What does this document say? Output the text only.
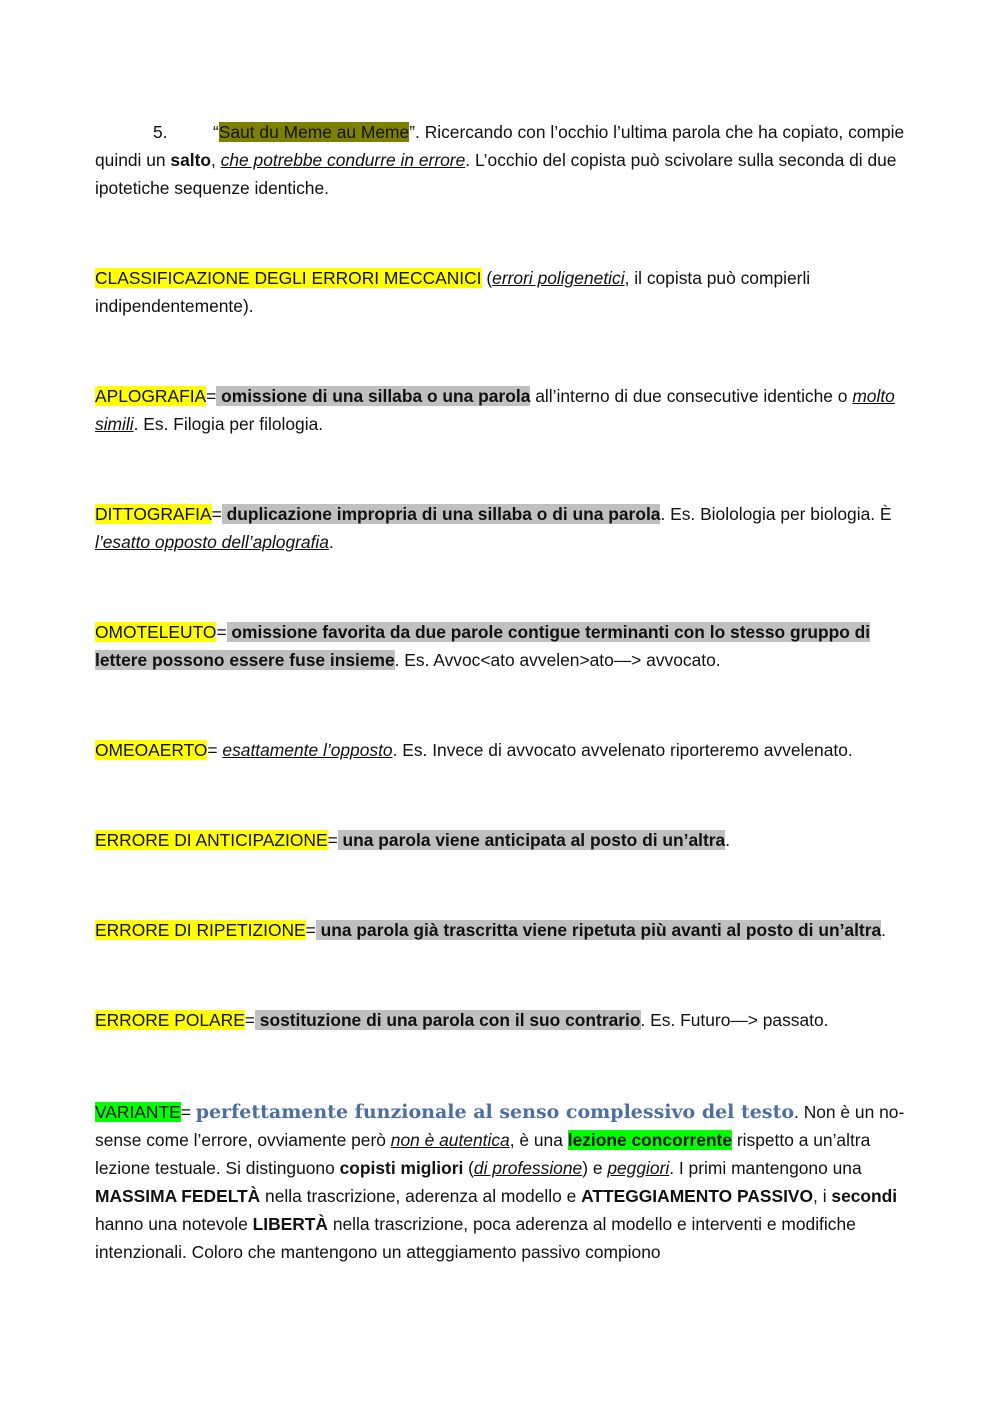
5.	“Saut du Meme au Meme”. Ricercando con l’occhio l’ultima parola che ha copiato, compie quindi un salto, che potrebbe condurre in errore. L’occhio del copista può scivolare sulla seconda di due ipotetiche sequenze identiche.

CLASSIFICAZIONE DEGLI ERRORI MECCANICI (errori poligenetici, il copista può compierli indipendentemente).

APLOGRAFIA= omissione di una sillaba o una parola all’interno di due consecutive identiche o molto simili. Es. Filogia per filologia.

DITTOGRAFIA= duplicazione impropria di una sillaba o di una parola. Es. Biolologia per biologia. È l’esatto opposto dell’aplografia.

OMOTELEUTO= omissione favorita da due parole contigue terminanti con lo stesso gruppo di lettere possono essere fuse insieme. Es. Avvoc<ato avvelen>ato—> avvocato.

OMEOAERTO= esattamente l’opposto. Es. Invece di avvocato avvelenato riporteremo avvelenato.

ERRORE DI ANTICIPAZIONE= una parola viene anticipata al posto di un’altra.

ERRORE DI RIPETIZIONE= una parola già trascritta viene ripetuta più avanti al posto di un’altra.

ERRORE POLARE= sostituzione di una parola con il suo contrario. Es. Futuro—> passato.

VARIANTE= perfettamente funzionale al senso complessivo del testo. Non è un no-sense come l’errore, ovviamente però non è autentica, è una lezione concorrente rispetto a un’altra lezione testuale. Si distinguono copisti migliori (di professione) e peggiori. I primi mantengono una MASSIMA FEDELTÀ nella trascrizione, aderenza al modello e ATTEGGIAMENTO PASSIVO, i secondi hanno una notevole LIBERTÀ nella trascrizione, poca aderenza al modello e interventi e modifiche intenzionali. Coloro che mantengono un atteggiamento passivo compiono
